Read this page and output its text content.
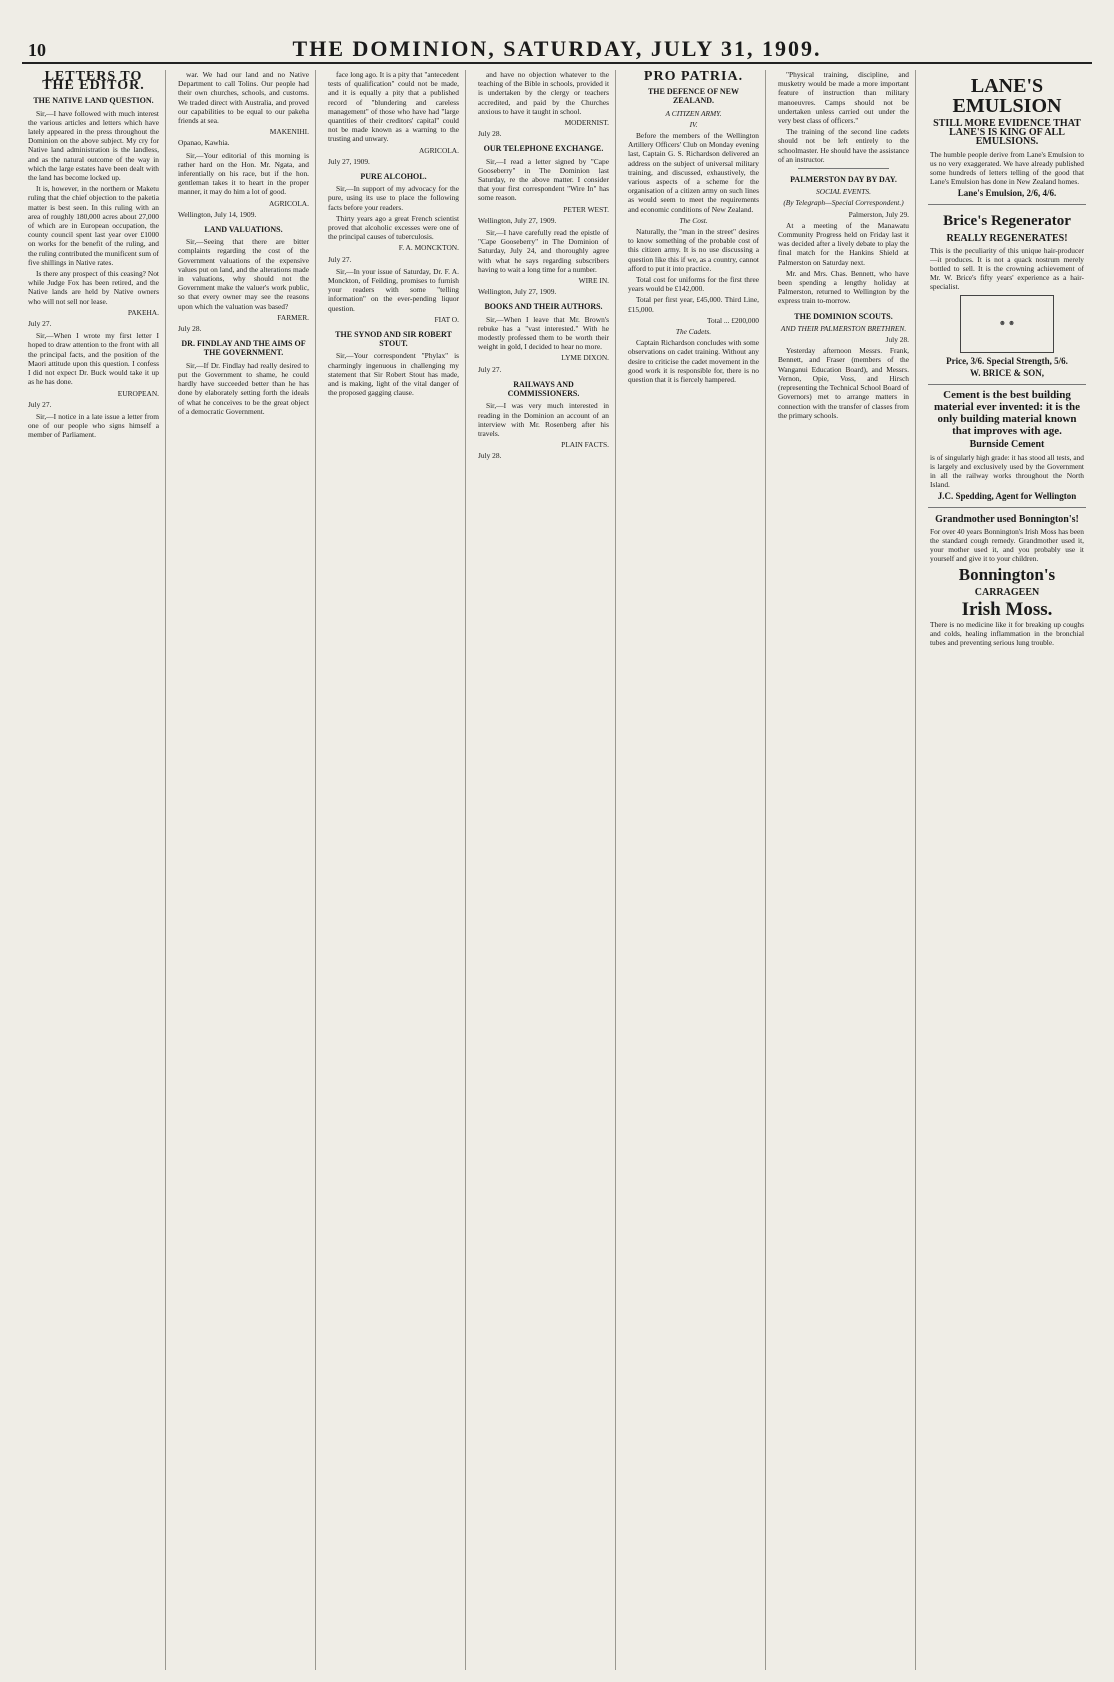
10	THE DOMINION, SATURDAY, JULY 31, 1909.
LETTERS TO THE EDITOR.
THE NATIVE LAND QUESTION.

Sir,—I have followed with much interest the various articles and letters which have lately appeared in the press throughout the Dominion on the above subject. My cry for Native land administration is the landless, and as the natural outcome of the way in which the large estates have been dealt with the land has become locked up.

It is, however, in the northern or Maketu ruling that the chief objection to the paketia matter is best seen. In this ruling with an area of roughly 180,000 acres about 27,000 of which are in European occupation, the county council spent last year over £1000 on works for the benefit of the ruling, and the ruling contributed the munificent sum of five shillings in Native rates.

Is there any prospect of this ceasing? Not while Judge Fox has been retired, and the Native lands are held by Native owners who will not sell nor lease.

PAKEHA.
July 27.

Sir,—When I wrote my first letter I hoped to draw attention to the front with all the principal facts, and the position of the Maori attitude upon this question. I confess I did not expect Dr. Buck would take it up as he has done.

EUROPEAN.
July 27.

Sir,—I notice in a late issue a letter from one of our people who signs himself a member of Parliament.

war. We had our land and no Native Department to call Tolins. Our people had their own churches, schools, and customs. We traded direct with Australia, and proved our capabilities to be equal to our pakeha friends at sea.

MAKENIHI.
Opanao, Kawhia.

Sir,—Your editorial of this morning is rather hard on the Hon. Mr. Ngata, and inferentially on his race, but if the hon. gentleman takes it to heart in the proper manner, it may do him a lot of good.

AGRICOLA.
Wellington, July 14, 1909.
LAND VALUATIONS.

Sir,—Seeing that there are bitter complaints regarding the cost of the Government valuations of the expensive values put on land, and the alterations made in valuations, why should not the Government make the valuer's work public, so that every owner may see the reasons upon which the valuation was based?

FARMER.
July 28.
DR. FINDLAY AND THE AIMS OF THE GOVERNMENT.

Sir,—If Dr. Findlay had really desired to put the Government to shame, he could hardly have succeeded better than he has done by elaborately setting forth the ideals of what he conceives to be the great object of a democratic Government.

face long ago. It is a pity that "antecedent tests of qualification" could not be made, and it is equally a pity that a published record of "blundering and careless management" of those who have had "large quantities of their creditors' capital" could not be made known as a warning to the trusting and unwary.

AGRICOLA.
July 27, 1909.
PURE ALCOHOL.

Sir,—In support of my advocacy for the pure, using its use to place the following facts before your readers.

Thirty years ago a great French scientist proved that alcoholic excesses were one of the principal causes of tuberculosis.

F. A. MONCKTON.
July 27.

Sir,—In your issue of Saturday, Dr. F. A. Monckton, of Feilding, promises to furnish your readers with some "telling information" on the ever-pending liquor question.

FIAT O.
THE SYNOD AND SIR ROBERT STOUT.

Sir,—Your correspondent "Phylax" is charmingly ingenuous in challenging my statement that Sir Robert Stout has made, and is making, light of the vital danger of the proposed gagging clause.

and have no objection whatever to the teaching of the Bible in schools, provided it is undertaken by the clergy or teachers accredited, and paid by the Churches anxious to have it taught in school.

MODERNIST.
July 28.
OUR TELEPHONE EXCHANGE.

Sir,—I read a letter signed by "Cape Gooseberry" in The Dominion last Saturday, re the above matter. I consider that your first correspondent "Wire In" has some reason.

PETER WEST.
Wellington, July 27, 1909.

Sir,—I have carefully read the epistle of "Cape Gooseberry" in The Dominion of Saturday, July 24, and thoroughly agree with what he says regarding subscribers having to wait a long time for a number.

WIRE IN.
Wellington, July 27, 1909.
BOOKS AND THEIR AUTHORS.

Sir,—When I leave that Mr. Brown's rebuke has a "vast interested." With he modestly professed them to be worth their weight in gold, I decided to hear no more.

LYME DIXON.
July 27.
RAILWAYS AND COMMISSIONERS.

Sir,—I was very much interested in reading in the Dominion an account of an interview with Mr. Rosenberg after his travels.

PLAIN FACTS.
July 28.
PRO PATRIA.
THE DEFENCE OF NEW ZEALAND.
A CITIZEN ARMY.
IV.

Before the members of the Wellington Artillery Officers' Club on Monday evening last, Captain G. S. Richardson delivered an address on the subject of universal military training, and discussed, exhaustively, the various aspects of a scheme for the organisation of a citizen army on such lines as would seem to meet the requirements and economic conditions of New Zealand.

The Cost.

Naturally, the "man in the street" desires to know something of the probable cost of this citizen army. It is no use discussing a question like this if we, as a country, cannot afford to put it into practice.

Total cost for uniforms for the first three years would be £142,000.

Total per first year, £45,000. Third Line, £15,000.

Total ... £200,000
The Cadets.

Captain Richardson concludes with some observations on cadet training. Without any desire to criticise the cadet movement in the good work it is responsible for, there is no question that it is fiercely hampered.

"Physical training, discipline, and musketry would be made a more important feature of instruction than military manoeuvres. Camps should not be undertaken unless carried out under the very best class of officers."

The training of the second line cadets should not be left entirely to the schoolmaster. He should have the assistance of an instructor.

PALMERSTON DAY BY DAY.
SOCIAL EVENTS.
(By Telegraph—Special Correspondent.)
Palmerston, July 29.

At a meeting of the Manawatu Community Progress held on Friday last it was decided after a lively debate to play the final match for the Hankins Shield at Palmerston on Saturday next.

Mr. and Mrs. Chas. Bennett, who have been spending a lengthy holiday at Palmerston, returned to Wellington by the express train to-morrow.

THE DOMINION SCOUTS.
AND THEIR PALMERSTON BRETHREN.
July 28.

Yesterday afternoon Messrs. Frank, Bennett, and Fraser (members of the Wanganui Education Board), and Messrs. Vernon, Opie, Voss, and Hirsch (representing the Technical School Board of Governors) met to arrange matters in connection with the transfer of classes from the primary schools.

LANE'S EMULSION
STILL MORE EVIDENCE THAT LANE'S IS KING OF ALL EMULSIONS.
The humble people derive from Lane's Emulsion to us no very exaggerated. We have already published some hundreds of letters telling of the good that Lane's Emulsion has done in New Zealand homes.
Lane's Emulsion, 2/6, 4/6.
Brice's Regenerator
REALLY REGENERATES!
This is the peculiarity of this unique hair-producer—it produces. It is not a quack nostrum merely bottled to sell. It is the crowning achievement of Mr. W. Brice's fifty years' experience as a hair-specialist.
☻ ☻
Price, 3/6. Special Strength, 5/6.
W. BRICE & SON,
Cement is the best building material ever invented: it is the only building material known that improves with age.
Burnside Cement
is of singularly high grade: it has stood all tests, and is largely and exclusively used by the Government in all the railway works throughout the North Island.
J.C. Spedding, Agent for Wellington
Grandmother used Bonnington's!
For over 40 years Bonnington's Irish Moss has been the standard cough remedy. Grandmother used it, your mother used it, and you probably use it yourself and give it to your children.
Bonnington's
CARRAGEEN
Irish Moss.
There is no medicine like it for breaking up coughs and colds, healing inflammation in the bronchial tubes and preventing serious lung trouble.
